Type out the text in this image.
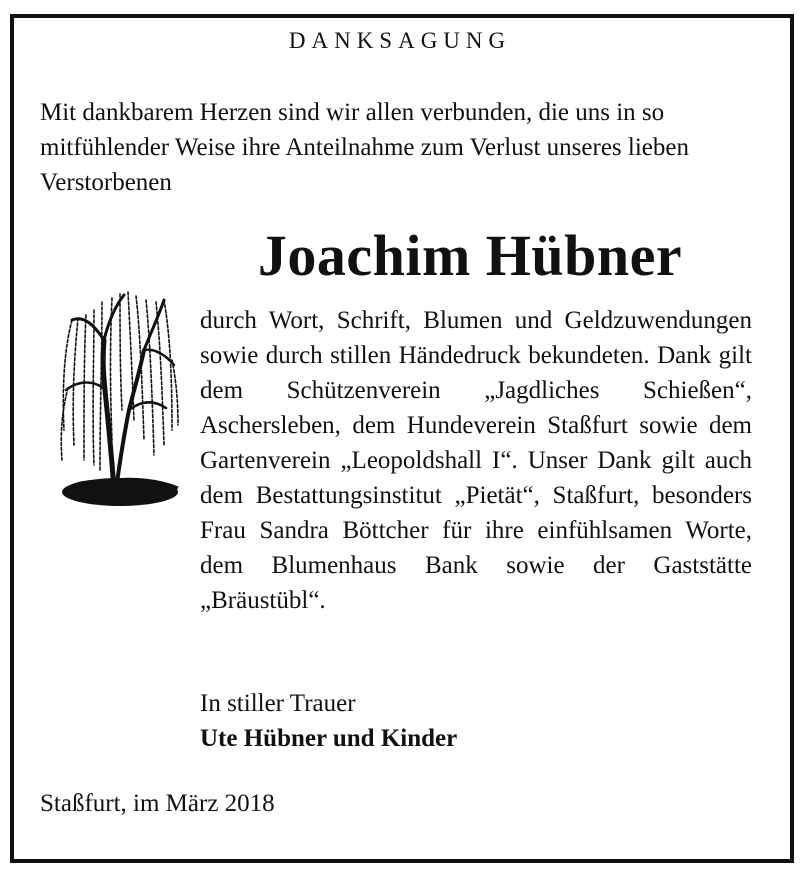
DANKSAGUNG
Mit dankbarem Herzen sind wir allen verbunden, die uns in so mitfühlender Weise ihre Anteilnahme zum Verlust unseres lieben Verstorbenen
Joachim Hübner
durch Wort, Schrift, Blumen und Geldzuwendungen sowie durch stillen Händedruck bekundeten. Dank gilt dem Schützenverein „Jagdliches Schießen“, Aschersleben, dem Hundeverein Staßfurt sowie dem Gartenverein „Leopoldshall I“. Unser Dank gilt auch dem Bestattungsinstitut „Pietät“, Staßfurt, besonders Frau Sandra Böttcher für ihre einfühlsamen Worte, dem Blumenhaus Bank sowie der Gaststätte „Bräustübl“.
In stiller Trauer
Ute Hübner und Kinder
Staßfurt, im März 2018
